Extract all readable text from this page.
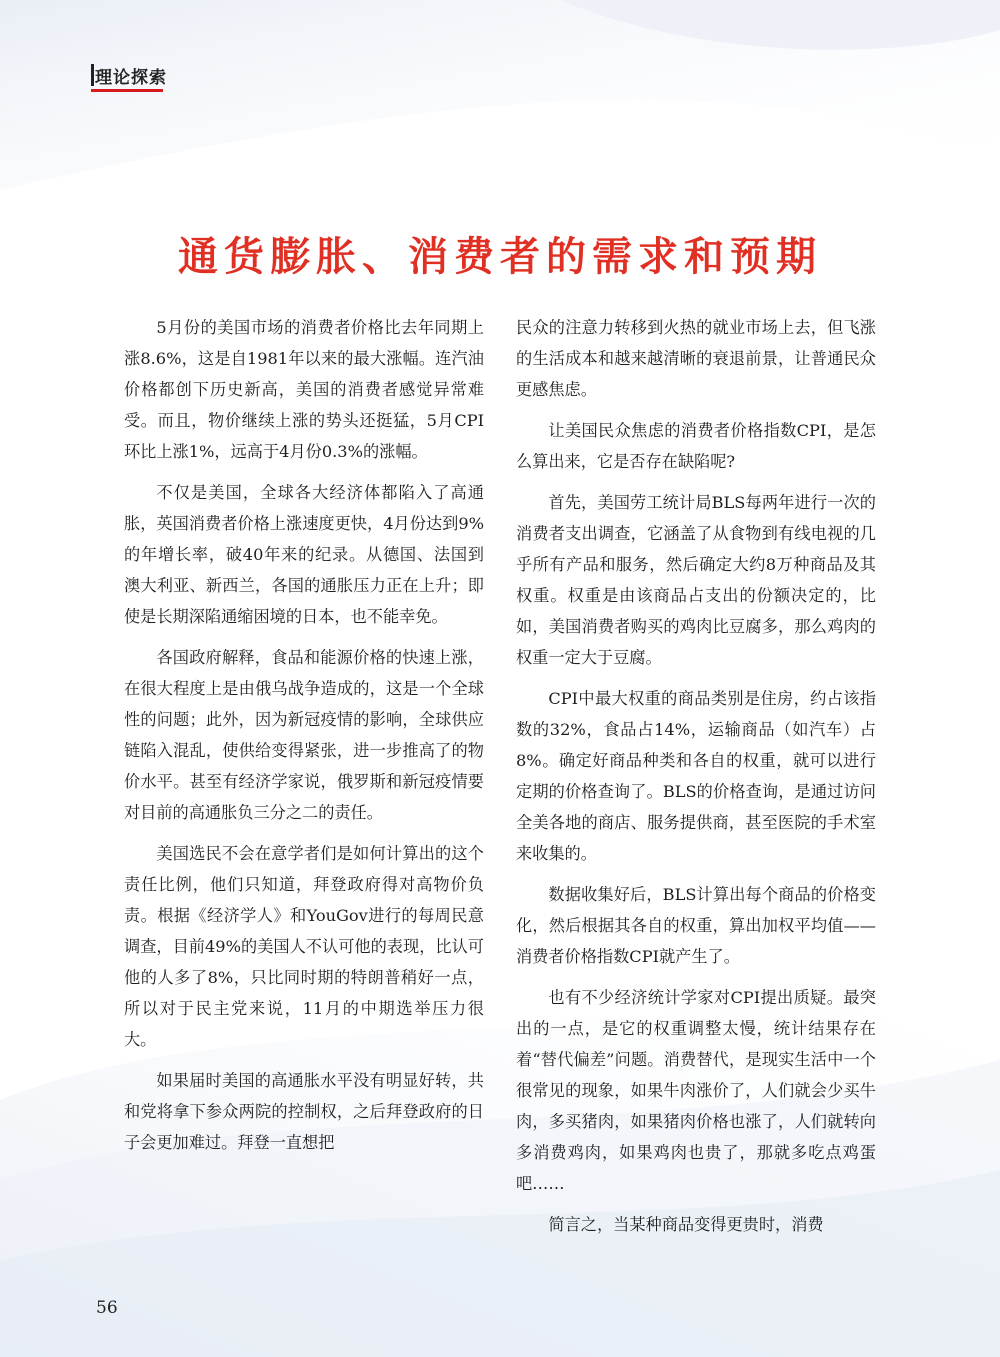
理论探索
通货膨胀、消费者的需求和预期

5月份的美国市场的消费者价格比去年同期上涨8.6%，这是自1981年以来的最大涨幅。连汽油价格都创下历史新高，美国的消费者感觉异常难受。而且，物价继续上涨的势头还挺猛，5月CPI环比上涨1%，远高于4月份0.3%的涨幅。

不仅是美国，全球各大经济体都陷入了高通胀，英国消费者价格上涨速度更快，4月份达到9%的年增长率，破40年来的纪录。从德国、法国到澳大利亚、新西兰，各国的通胀压力正在上升；即使是长期深陷通缩困境的日本，也不能幸免。

各国政府解释，食品和能源价格的快速上涨，在很大程度上是由俄乌战争造成的，这是一个全球性的问题；此外，因为新冠疫情的影响，全球供应链陷入混乱，使供给变得紧张，进一步推高了的物价水平。甚至有经济学家说，俄罗斯和新冠疫情要对目前的高通胀负三分之二的责任。

美国选民不会在意学者们是如何计算出的这个责任比例，他们只知道，拜登政府得对高物价负责。根据《经济学人》和YouGov进行的每周民意调查，目前49%的美国人不认可他的表现，比认可他的人多了8%，只比同时期的特朗普稍好一点，所以对于民主党来说，11月的中期选举压力很大。

如果届时美国的高通胀水平没有明显好转，共和党将拿下参众两院的控制权，之后拜登政府的日子会更加难过。拜登一直想把

民众的注意力转移到火热的就业市场上去，但飞涨的生活成本和越来越清晰的衰退前景，让普通民众更感焦虑。

让美国民众焦虑的消费者价格指数CPI，是怎么算出来，它是否存在缺陷呢?

首先，美国劳工统计局BLS每两年进行一次的消费者支出调查，它涵盖了从食物到有线电视的几乎所有产品和服务，然后确定大约8万种商品及其权重。权重是由该商品占支出的份额决定的，比如，美国消费者购买的鸡肉比豆腐多，那么鸡肉的权重一定大于豆腐。

CPI中最大权重的商品类别是住房，约占该指数的32%，食品占14%，运输商品（如汽车）占8%。确定好商品种类和各自的权重，就可以进行定期的价格查询了。BLS的价格查询，是通过访问全美各地的商店、服务提供商，甚至医院的手术室来收集的。

数据收集好后，BLS计算出每个商品的价格变化，然后根据其各自的权重，算出加权平均值——消费者价格指数CPI就产生了。

也有不少经济统计学家对CPI提出质疑。最突出的一点，是它的权重调整太慢，统计结果存在着“替代偏差”问题。消费替代，是现实生活中一个很常见的现象，如果牛肉涨价了，人们就会少买牛肉，多买猪肉，如果猪肉价格也涨了，人们就转向多消费鸡肉，如果鸡肉也贵了，那就多吃点鸡蛋吧……

简言之，当某种商品变得更贵时，消费

56
